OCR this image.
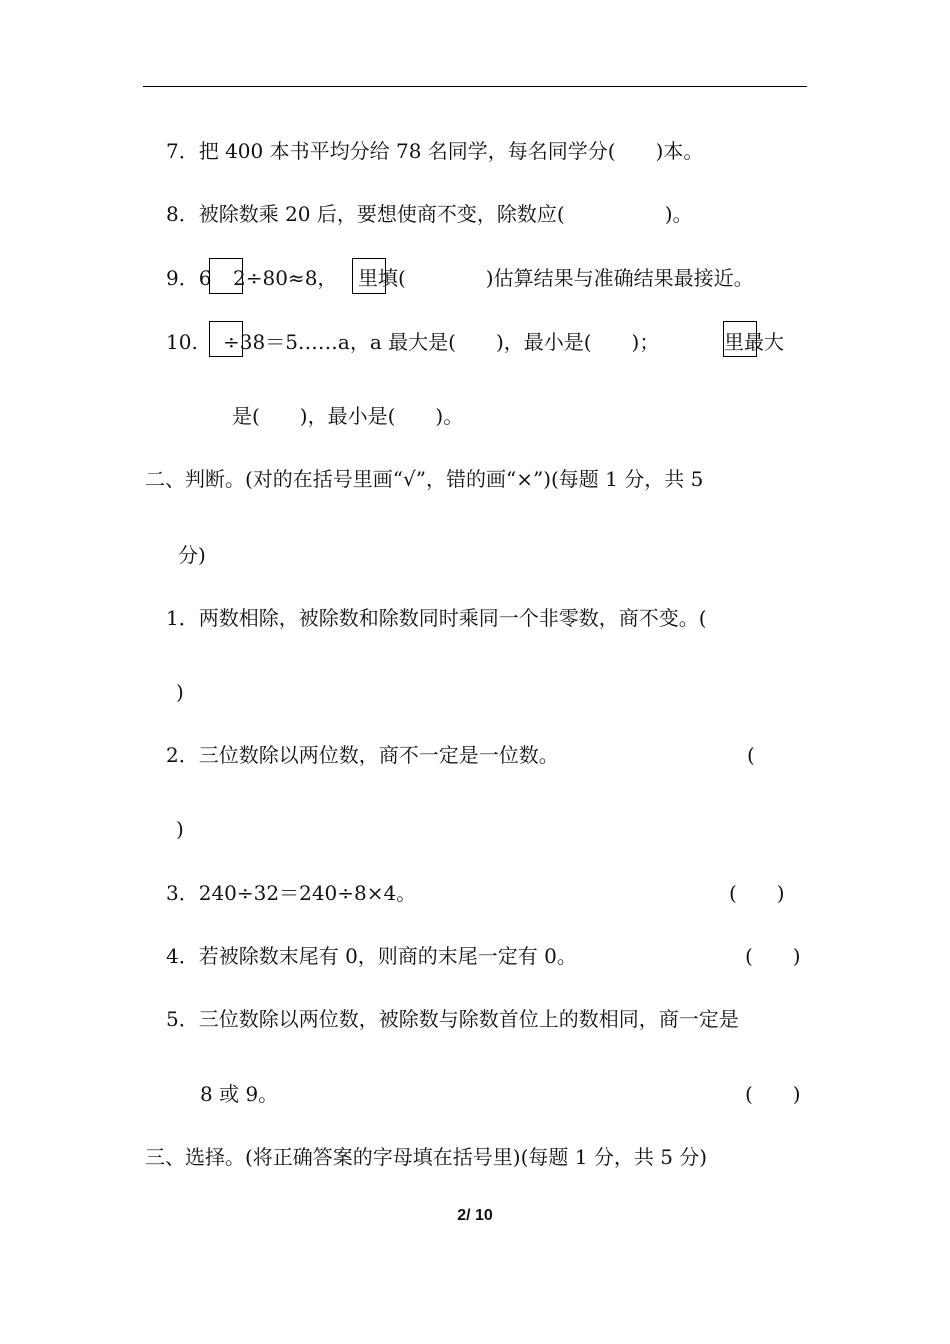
7．把 400 本书平均分给 78 名同学，每名同学分(　　)本。
8．被除数乘 20 后，要想使商不变，除数应(　　　　　)。
9．6 2÷80≈8， 里填(　　　　)估算结果与准确结果最接近。
10. ÷38＝5……a，a 最大是(　　)，最小是(　　)；	里最大
是(　　)，最小是(　　)。
二、判断。(对的在括号里画“√”，错的画“×”)(每题 1 分，共 5
分)
1．两数相除，被除数和除数同时乘同一个非零数，商不变。(
)
2．三位数除以两位数，商不一定是一位数。	(
)
3．240÷32＝240÷8×4。	(　　)
4．若被除数末尾有 0，则商的末尾一定有 0。	(　　)
5．三位数除以两位数，被除数与除数首位上的数相同，商一定是
8 或 9。	(　　)
三、选择。(将正确答案的字母填在括号里)(每题 1 分，共 5 分)
2/ 10
